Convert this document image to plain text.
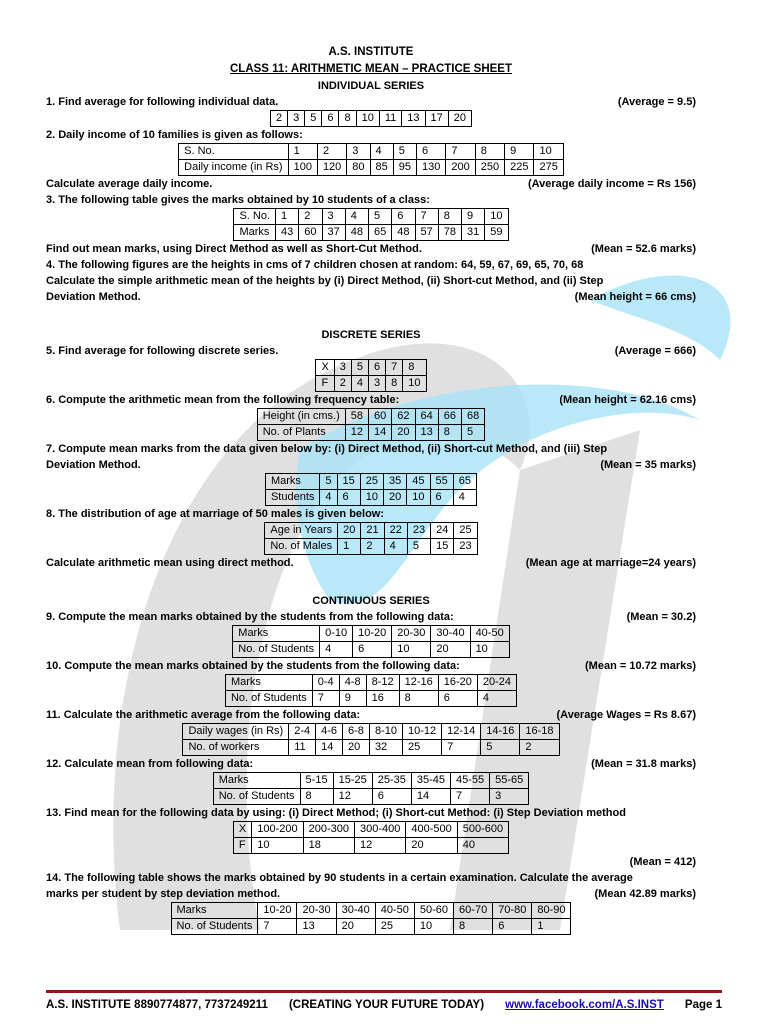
A.S. INSTITUTE
CLASS 11: ARITHMETIC MEAN – PRACTICE SHEET
INDIVIDUAL SERIES
1. Find average for following individual data.	(Average = 9.5)
2	3	5	6	8	10	11	13	17	20
2. Daily income of 10 families is given as follows:
S. No.	1	2	3	4	5	6	7	8	9	10
Daily income (in Rs)	100	120	80	85	95	130	200	250	225	275
Calculate average daily income.	(Average daily income = Rs 156)
3. The following table gives the marks obtained by 10 students of a class:
S. No.	1	2	3	4	5	6	7	8	9	10
Marks	43	60	37	48	65	48	57	78	31	59
Find out mean marks, using Direct Method as well as Short-Cut Method.	(Mean = 52.6 marks)
4. The following figures are the heights in cms of 7 children chosen at random: 64, 59, 67, 69, 65, 70, 68
Calculate the simple arithmetic mean of the heights by (i) Direct Method, (ii) Short-cut Method, and (ii) Step
Deviation Method.	(Mean height = 66 cms)
DISCRETE SERIES
5. Find average for following discrete series.	(Average = 666)
X	3	5	6	7	8
F	2	4	3	8	10
6. Compute the arithmetic mean from the following frequency table:	(Mean height = 62.16 cms)
Height (in cms.)	58	60	62	64	66	68
No. of Plants	12	14	20	13	8	5
7. Compute mean marks from the data given below by: (i) Direct Method, (ii) Short-cut Method, and (iii) Step
Deviation Method.	(Mean = 35 marks)
Marks	5	15	25	35	45	55	65
Students	4	6	10	20	10	6	4
8. The distribution of age at marriage of 50 males is given below:
Age in Years	20	21	22	23	24	25
No. of Males	1	2	4	5	15	23
Calculate arithmetic mean using direct method.	(Mean age at marriage=24 years)
CONTINUOUS SERIES
9. Compute the mean marks obtained by the students from the following data:	(Mean = 30.2)
Marks	0-10	10-20	20-30	30-40	40-50
No. of Students	4	6	10	20	10
10. Compute the mean marks obtained by the students from the following data:	(Mean = 10.72 marks)
Marks	0-4	4-8	8-12	12-16	16-20	20-24
No. of Students	7	9	16	8	6	4
11. Calculate the arithmetic average from the following data:	(Average Wages = Rs 8.67)
Daily wages (in Rs)	2-4	4-6	6-8	8-10	10-12	12-14	14-16	16-18
No. of workers	11	14	20	32	25	7	5	2
12. Calculate mean from following data:	(Mean = 31.8 marks)
Marks	5-15	15-25	25-35	35-45	45-55	55-65
No. of Students	8	12	6	14	7	3
13. Find mean for the following data by using: (i) Direct Method; (i) Short-cut Method: (i) Step Deviation method
X	100-200	200-300	300-400	400-500	500-600
F	10	18	12	20	40
(Mean = 412)
14. The following table shows the marks obtained by 90 students in a certain examination. Calculate the average
marks per student by step deviation method.	(Mean 42.89 marks)
Marks	10-20	20-30	30-40	40-50	50-60	60-70	70-80	80-90
No. of Students	7	13	20	25	10	8	6	1
A.S. INSTITUTE 8890774877, 7737249211 (CREATING YOUR FUTURE TODAY) www.facebook.com/A.S.INST Page 1
